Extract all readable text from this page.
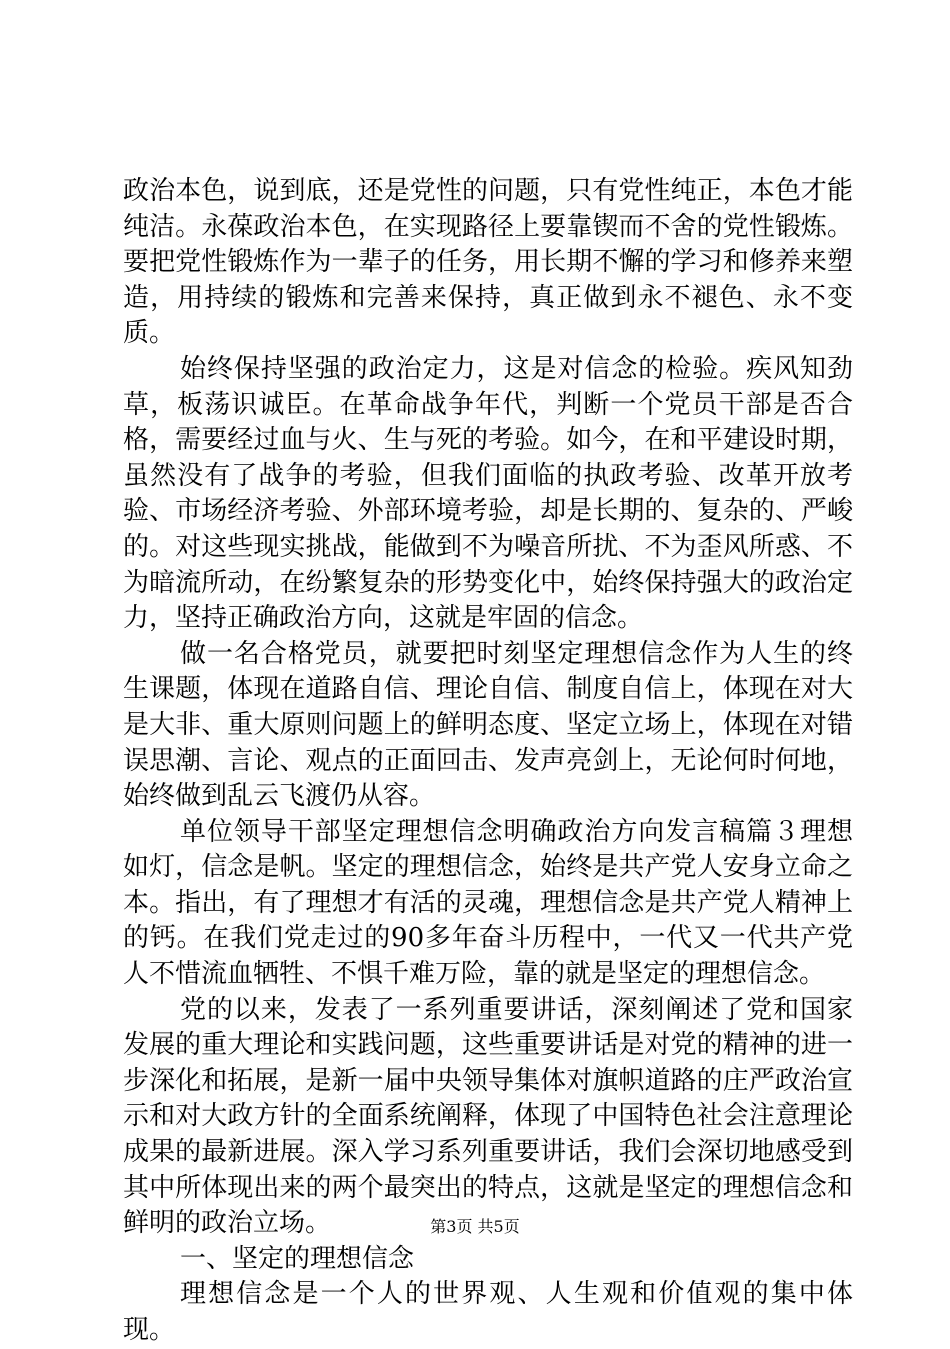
政治本色，说到底，还是党性的问题，只有党性纯正，本色才能纯洁。永葆政治本色，在实现路径上要靠锲而不舍的党性锻炼。要把党性锻炼作为一辈子的任务，用长期不懈的学习和修养来塑造，用持续的锻炼和完善来保持，真正做到永不褪色、永不变质。

始终保持坚强的政治定力，这是对信念的检验。疾风知劲草，板荡识诚臣。在革命战争年代，判断一个党员干部是否合格，需要经过血与火、生与死的考验。如今，在和平建设时期，虽然没有了战争的考验，但我们面临的执政考验、改革开放考验、市场经济考验、外部环境考验，却是长期的、复杂的、严峻的。对这些现实挑战，能做到不为噪音所扰、不为歪风所惑、不为暗流所动，在纷繁复杂的形势变化中，始终保持强大的政治定力，坚持正确政治方向，这就是牢固的信念。

做一名合格党员，就要把时刻坚定理想信念作为人生的终生课题，体现在道路自信、理论自信、制度自信上，体现在对大是大非、重大原则问题上的鲜明态度、坚定立场上，体现在对错误思潮、言论、观点的正面回击、发声亮剑上，无论何时何地，始终做到乱云飞渡仍从容。

单位领导干部坚定理想信念明确政治方向发言稿篇３理想如灯，信念是帆。坚定的理想信念，始终是共产党人安身立命之本。指出，有了理想才有活的灵魂，理想信念是共产党人精神上的钙。在我们党走过的90多年奋斗历程中，一代又一代共产党人不惜流血牺牲、不惧千难万险，靠的就是坚定的理想信念。

党的以来，发表了一系列重要讲话，深刻阐述了党和国家发展的重大理论和实践问题，这些重要讲话是对党的精神的进一步深化和拓展，是新一届中央领导集体对旗帜道路的庄严政治宣示和对大政方针的全面系统阐释，体现了中国特色社会注意理论成果的最新进展。深入学习系列重要讲话，我们会深切地感受到其中所体现出来的两个最突出的特点，这就是坚定的理想信念和鲜明的政治立场。

一、坚定的理想信念

理想信念是一个人的世界观、人生观和价值观的集中体现。

第3页 共5页
